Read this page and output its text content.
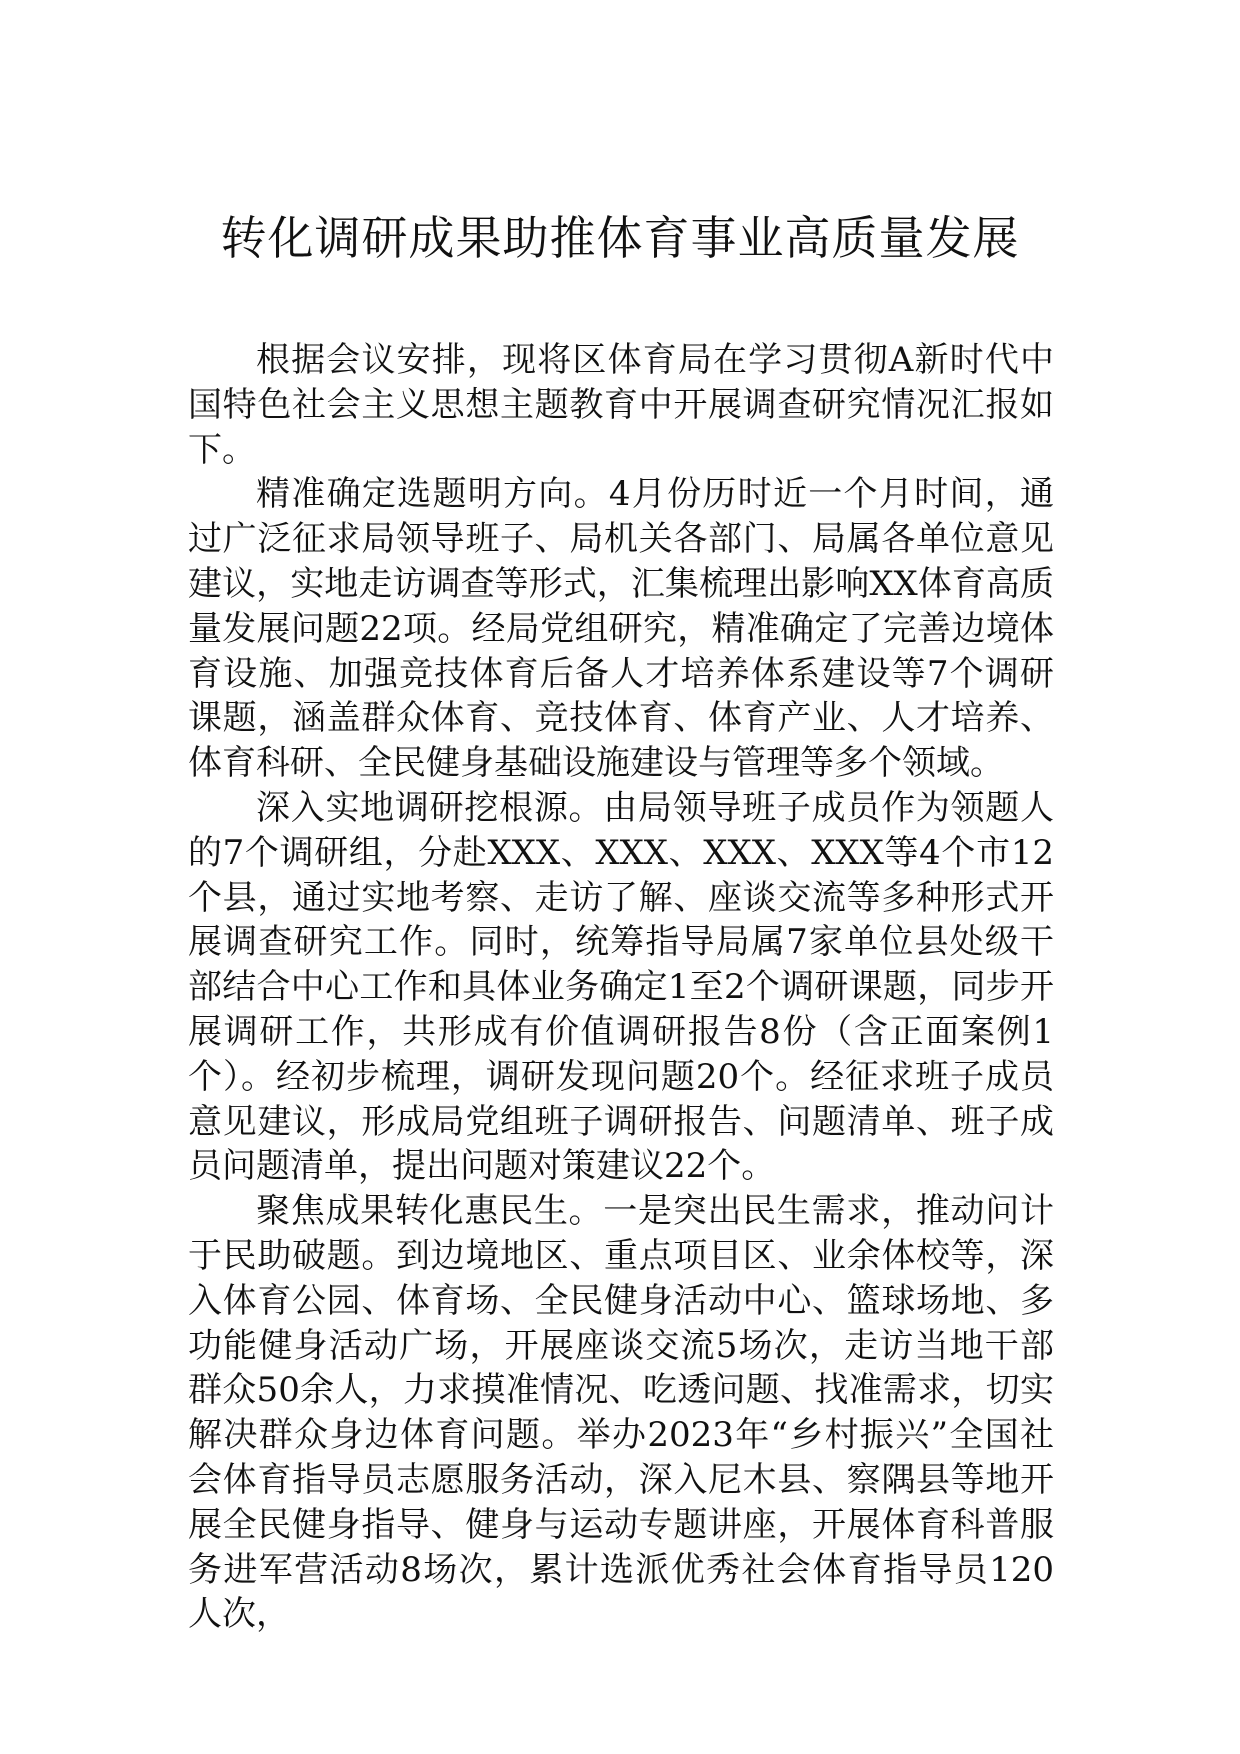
转化调研成果助推体育事业高质量发展

根据会议安排，现将区体育局在学习贯彻A新时代中国特色社会主义思想主题教育中开展调查研究情况汇报如下。

精准确定选题明方向。4月份历时近一个月时间，通过广泛征求局领导班子、局机关各部门、局属各单位意见建议，实地走访调查等形式，汇集梳理出影响XX体育高质量发展问题22项。经局党组研究，精准确定了完善边境体育设施、加强竞技体育后备人才培养体系建设等7个调研课题，涵盖群众体育、竞技体育、体育产业、人才培养、体育科研、全民健身基础设施建设与管理等多个领域。

深入实地调研挖根源。由局领导班子成员作为领题人的7个调研组，分赴XXX、XXX、XXX、XXX等4个市12个县，通过实地考察、走访了解、座谈交流等多种形式开展调查研究工作。同时，统筹指导局属7家单位县处级干部结合中心工作和具体业务确定1至2个调研课题，同步开展调研工作，共形成有价值调研报告8份（含正面案例1个）。经初步梳理，调研发现问题20个。经征求班子成员意见建议，形成局党组班子调研报告、问题清单、班子成员问题清单，提出问题对策建议22个。

聚焦成果转化惠民生。一是突出民生需求，推动问计于民助破题。到边境地区、重点项目区、业余体校等，深入体育公园、体育场、全民健身活动中心、篮球场地、多功能健身活动广场，开展座谈交流5场次，走访当地干部群众50余人，力求摸准情况、吃透问题、找准需求，切实解决群众身边体育问题。举办2023年“乡村振兴”全国社会体育指导员志愿服务活动，深入尼木县、察隅县等地开展全民健身指导、健身与运动专题讲座，开展体育科普服务进军营活动8场次，累计选派优秀社会体育指导员120人次，
